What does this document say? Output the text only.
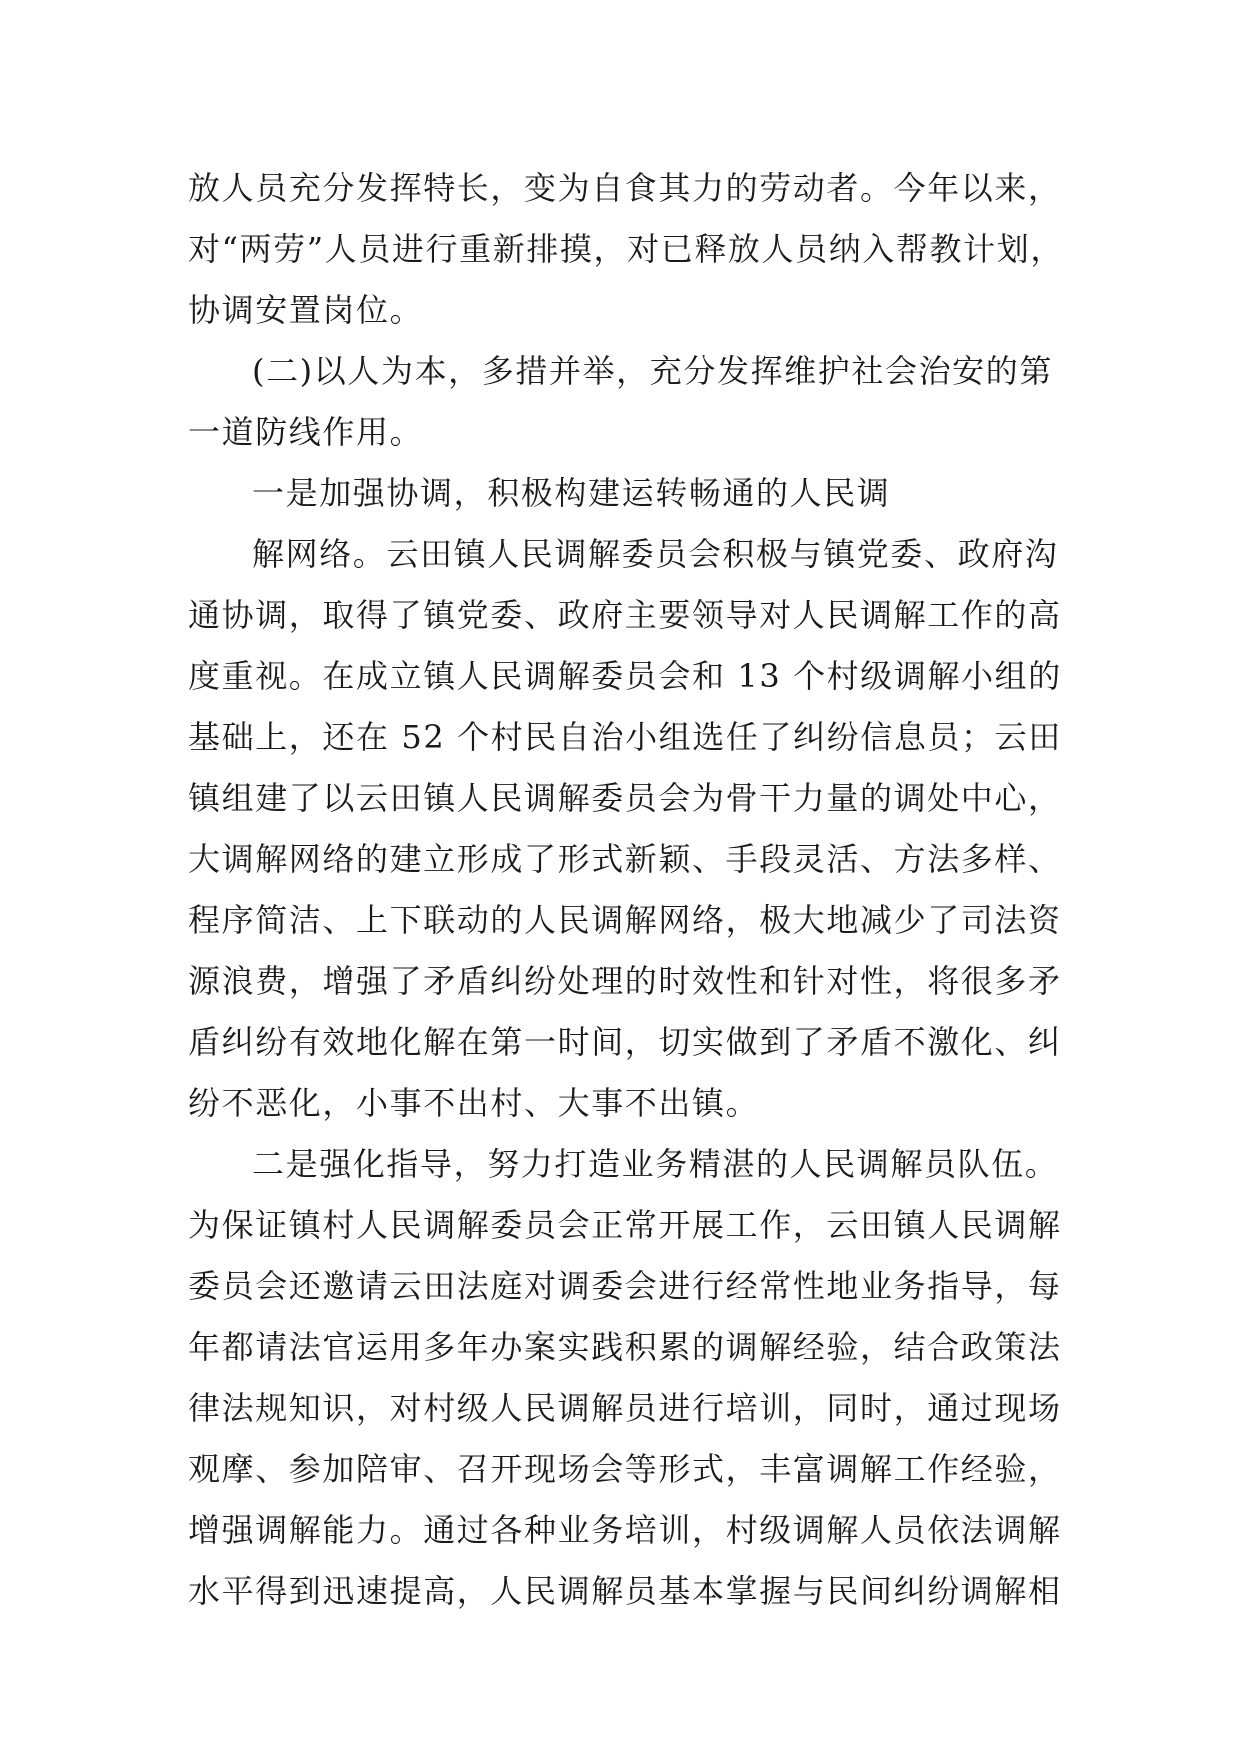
放人员充分发挥特长，变为自食其力的劳动者。今年以来，
对“两劳”人员进行重新排摸，对已释放人员纳入帮教计划，
协调安置岗位。
(二)以人为本，多措并举，充分发挥维护社会治安的第
一道防线作用。
一是加强协调，积极构建运转畅通的人民调
解网络。云田镇人民调解委员会积极与镇党委、政府沟
通协调，取得了镇党委、政府主要领导对人民调解工作的高
度重视。在成立镇人民调解委员会和 13 个村级调解小组的
基础上，还在 52 个村民自治小组选任了纠纷信息员；云田
镇组建了以云田镇人民调解委员会为骨干力量的调处中心，
大调解网络的建立形成了形式新颖、手段灵活、方法多样、
程序简洁、上下联动的人民调解网络，极大地减少了司法资
源浪费，增强了矛盾纠纷处理的时效性和针对性，将很多矛
盾纠纷有效地化解在第一时间，切实做到了矛盾不激化、纠
纷不恶化，小事不出村、大事不出镇。
二是强化指导，努力打造业务精湛的人民调解员队伍。
为保证镇村人民调解委员会正常开展工作，云田镇人民调解
委员会还邀请云田法庭对调委会进行经常性地业务指导，每
年都请法官运用多年办案实践积累的调解经验，结合政策法
律法规知识，对村级人民调解员进行培训，同时，通过现场
观摩、参加陪审、召开现场会等形式，丰富调解工作经验，
增强调解能力。通过各种业务培训，村级调解人员依法调解
水平得到迅速提高，人民调解员基本掌握与民间纠纷调解相
